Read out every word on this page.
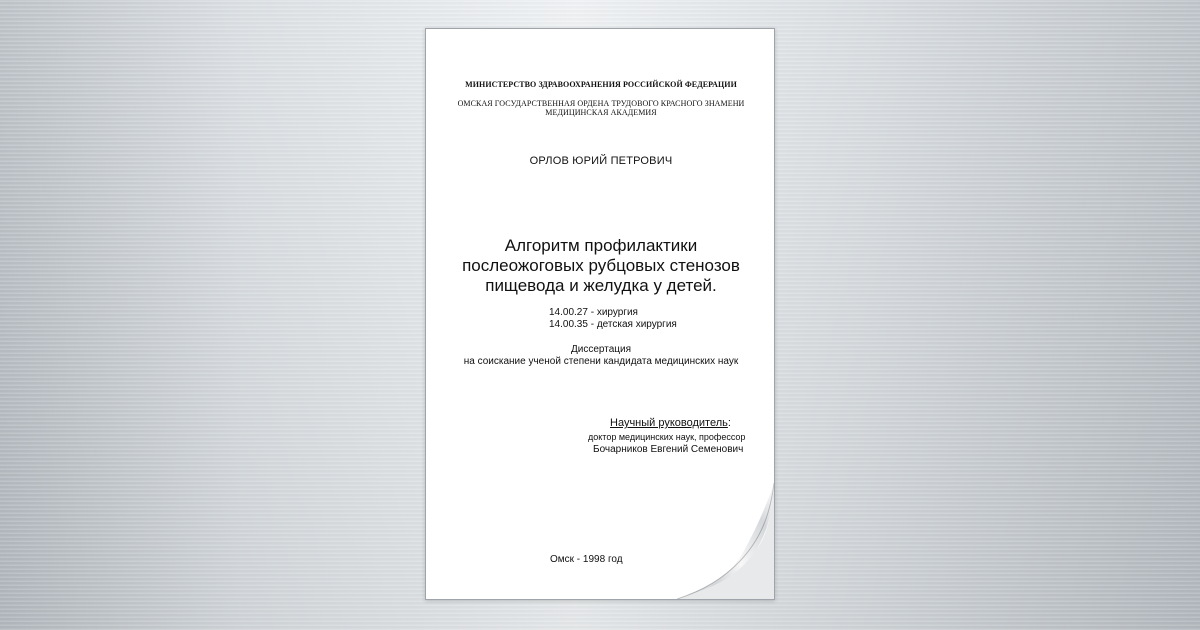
МИНИСТЕРСТВО ЗДРАВООХРАНЕНИЯ РОССИЙСКОЙ ФЕДЕРАЦИИ
ОМСКАЯ ГОСУДАРСТВЕННАЯ ОРДЕНА ТРУДОВОГО КРАСНОГО ЗНАМЕНИ
МЕДИЦИНСКАЯ АКАДЕМИЯ
ОРЛОВ ЮРИЙ ПЕТРОВИЧ
Алгоритм профилактики
послеожоговых рубцовых стенозов
пищевода и желудка у детей.
14.00.27 - хирургия
14.00.35 - детская хирургия
Диссертация
на соискание ученой степени кандидата медицинских наук
Научный руководитель:
доктор медицинских наук, профессор
Бочарников Евгений Семенович
Омск - 1998 год
